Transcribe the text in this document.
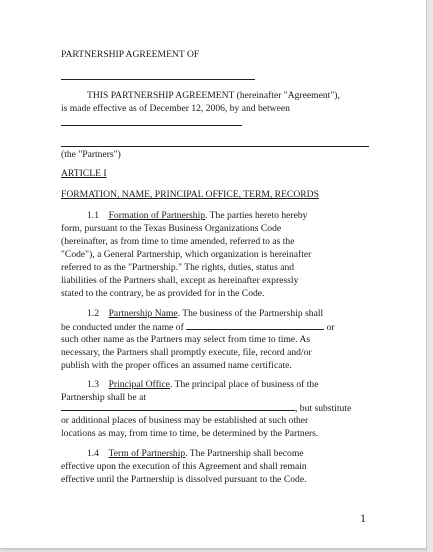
PARTNERSHIP AGREEMENT OF
THIS PARTNERSHIP AGREEMENT (hereinafter "Agreement"),
is made effective as of December 12, 2006, by and between
(the "Partners")
ARTICLE I
FORMATION, NAME, PRINCIPAL OFFICE, TERM, RECORDS
1.1 Formation of Partnership. The parties hereto hereby
form, pursuant to the Texas Business Organizations Code
(hereinafter, as from time to time amended, referred to as the
"Code"), a General Partnership, which organization is hereinafter
referred to as the "Partnership." The rights, duties, status and
liabilities of the Partners shall, except as hereinafter expressly
stated to the contrary, be as provided for in the Code.
1.2 Partnership Name. The business of the Partnership shall
be conducted under the name of	or
such other name as the Partners may select from time to time. As
necessary, the Partners shall promptly execute, file, record and/or
publish with the proper offices an assumed name certificate.
1.3 Principal Office. The principal place of business of the
Partnership shall be at
, but substitute
or additional places of business may be established at such other
locations as may, from time to time, be determined by the Partners.
1.4 Term of Partnership. The Partnership shall become
effective upon the execution of this Agreement and shall remain
effective until the Partnership is dissolved pursuant to the Code.
1
